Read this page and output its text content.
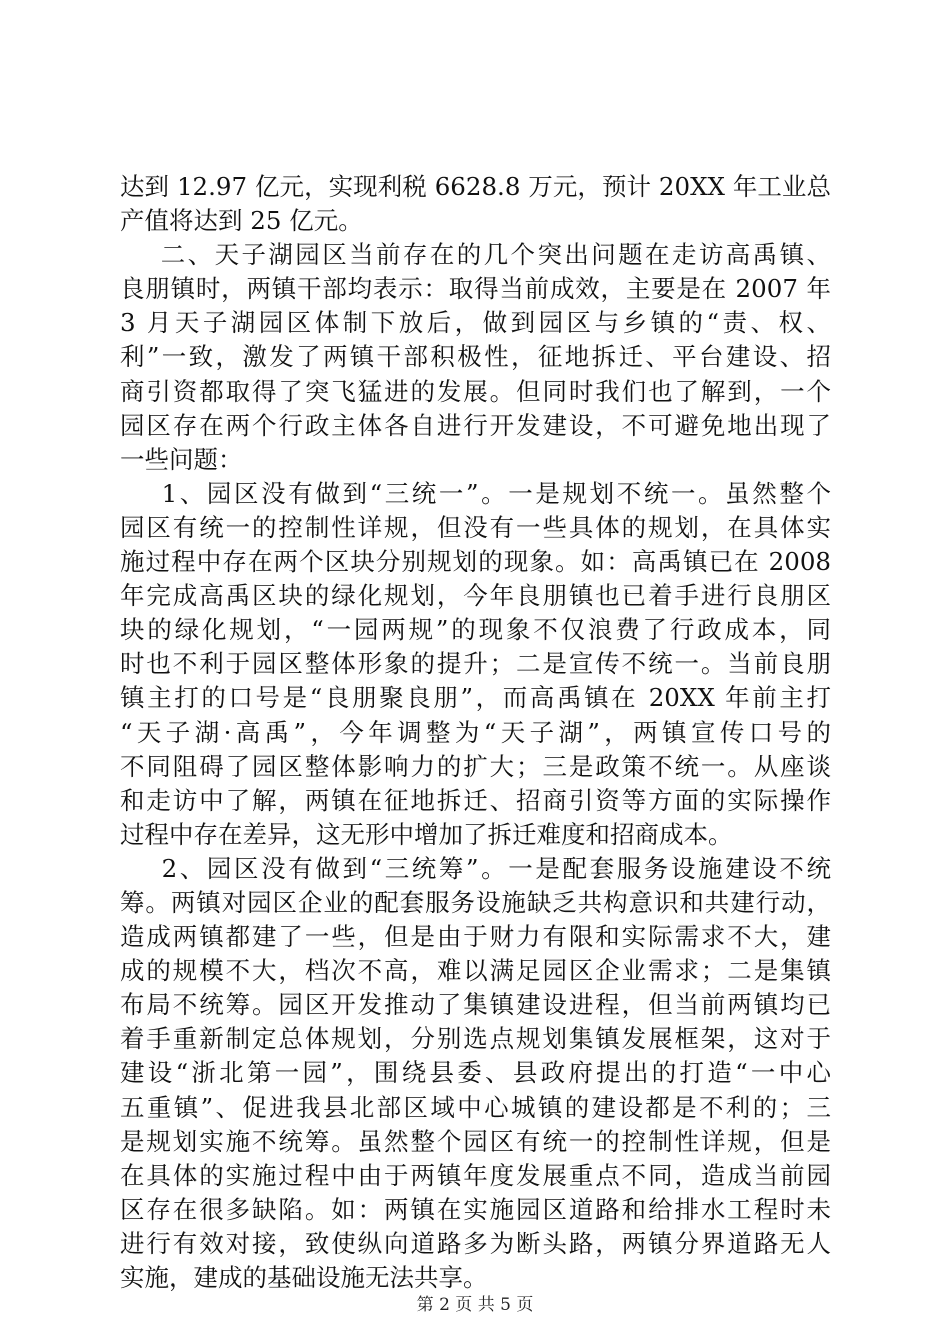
达到 12.97 亿元，实现利税 6628.8 万元，预计 20XX 年工业总
产值将达到 25 亿元。
二、天子湖园区当前存在的几个突出问题在走访高禹镇、
良朋镇时，两镇干部均表示：取得当前成效，主要是在 2007 年
3 月天子湖园区体制下放后，做到园区与乡镇的“责、权、
利”一致，激发了两镇干部积极性，征地拆迁、平台建设、招
商引资都取得了突飞猛进的发展。但同时我们也了解到，一个
园区存在两个行政主体各自进行开发建设，不可避免地出现了
一些问题：
1、园区没有做到“三统一”。一是规划不统一。虽然整个
园区有统一的控制性详规，但没有一些具体的规划，在具体实
施过程中存在两个区块分别规划的现象。如：高禹镇已在 2008
年完成高禹区块的绿化规划，今年良朋镇也已着手进行良朋区
块的绿化规划，“一园两规”的现象不仅浪费了行政成本，同
时也不利于园区整体形象的提升；二是宣传不统一。当前良朋
镇主打的口号是“良朋聚良朋”，而高禹镇在 20XX 年前主打
“天子湖·高禹”，今年调整为“天子湖”，两镇宣传口号的
不同阻碍了园区整体影响力的扩大；三是政策不统一。从座谈
和走访中了解，两镇在征地拆迁、招商引资等方面的实际操作
过程中存在差异，这无形中增加了拆迁难度和招商成本。
2、园区没有做到“三统筹”。一是配套服务设施建设不统
筹。两镇对园区企业的配套服务设施缺乏共构意识和共建行动，
造成两镇都建了一些，但是由于财力有限和实际需求不大，建
成的规模不大，档次不高，难以满足园区企业需求；二是集镇
布局不统筹。园区开发推动了集镇建设进程，但当前两镇均已
着手重新制定总体规划，分别选点规划集镇发展框架，这对于
建设“浙北第一园”，围绕县委、县政府提出的打造“一中心
五重镇”、促进我县北部区域中心城镇的建设都是不利的；三
是规划实施不统筹。虽然整个园区有统一的控制性详规，但是
在具体的实施过程中由于两镇年度发展重点不同，造成当前园
区存在很多缺陷。如：两镇在实施园区道路和给排水工程时未
进行有效对接，致使纵向道路多为断头路，两镇分界道路无人
实施，建成的基础设施无法共享。
第 2 页 共 5 页
